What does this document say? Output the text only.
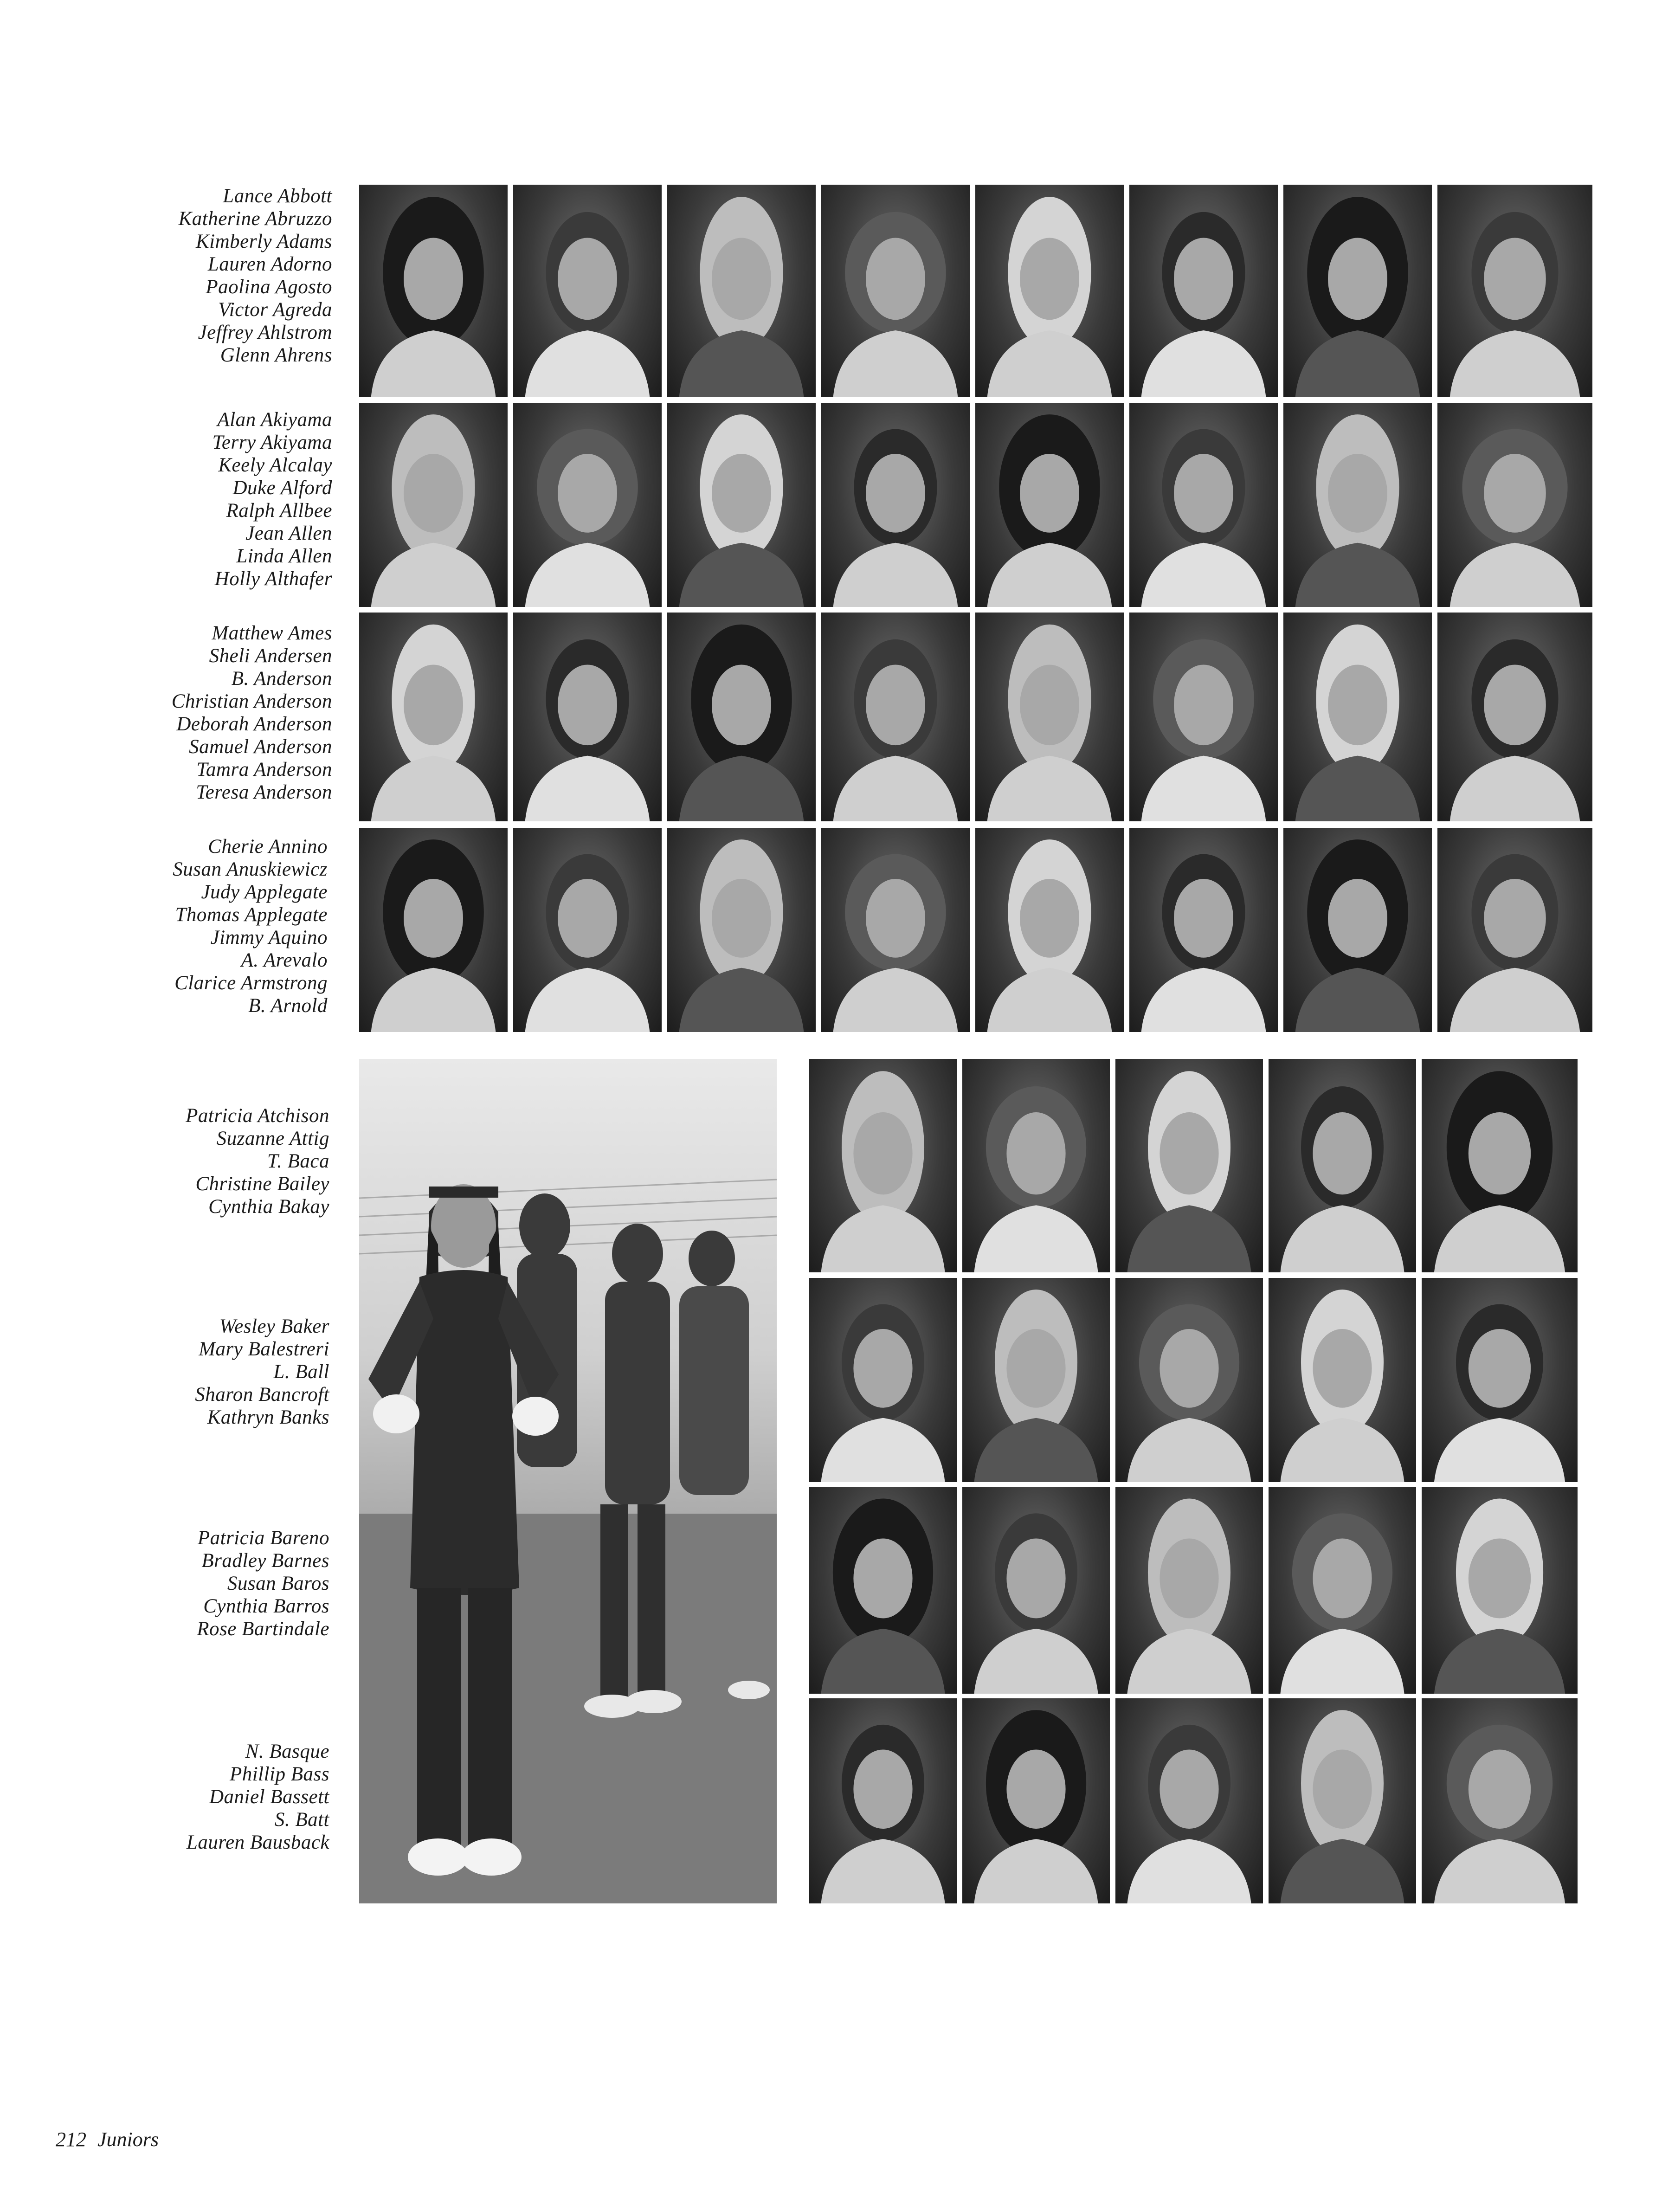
Lance Abbott
Katherine Abruzzo
Kimberly Adams
Lauren Adorno
Paolina Agosto
Victor Agreda
Jeffrey Ahlstrom
Glenn Ahrens
Alan Akiyama
Terry Akiyama
Keely Alcalay
Duke Alford
Ralph Allbee
Jean Allen
Linda Allen
Holly Althafer
Matthew Ames
Sheli Andersen
B. Anderson
Christian Anderson
Deborah Anderson
Samuel Anderson
Tamra Anderson
Teresa Anderson
Cherie Annino
Susan Anuskiewicz
Judy Applegate
Thomas Applegate
Jimmy Aquino
A. Arevalo
Clarice Armstrong
B. Arnold
Patricia Atchison
Suzanne Attig
T. Baca
Christine Bailey
Cynthia Bakay
Wesley Baker
Mary Balestreri
L. Ball
Sharon Bancroft
Kathryn Banks
Patricia Bareno
Bradley Barnes
Susan Baros
Cynthia Barros
Rose Bartindale
N. Basque
Phillip Bass
Daniel Bassett
S. Batt
Lauren Bausback
212 Juniors
